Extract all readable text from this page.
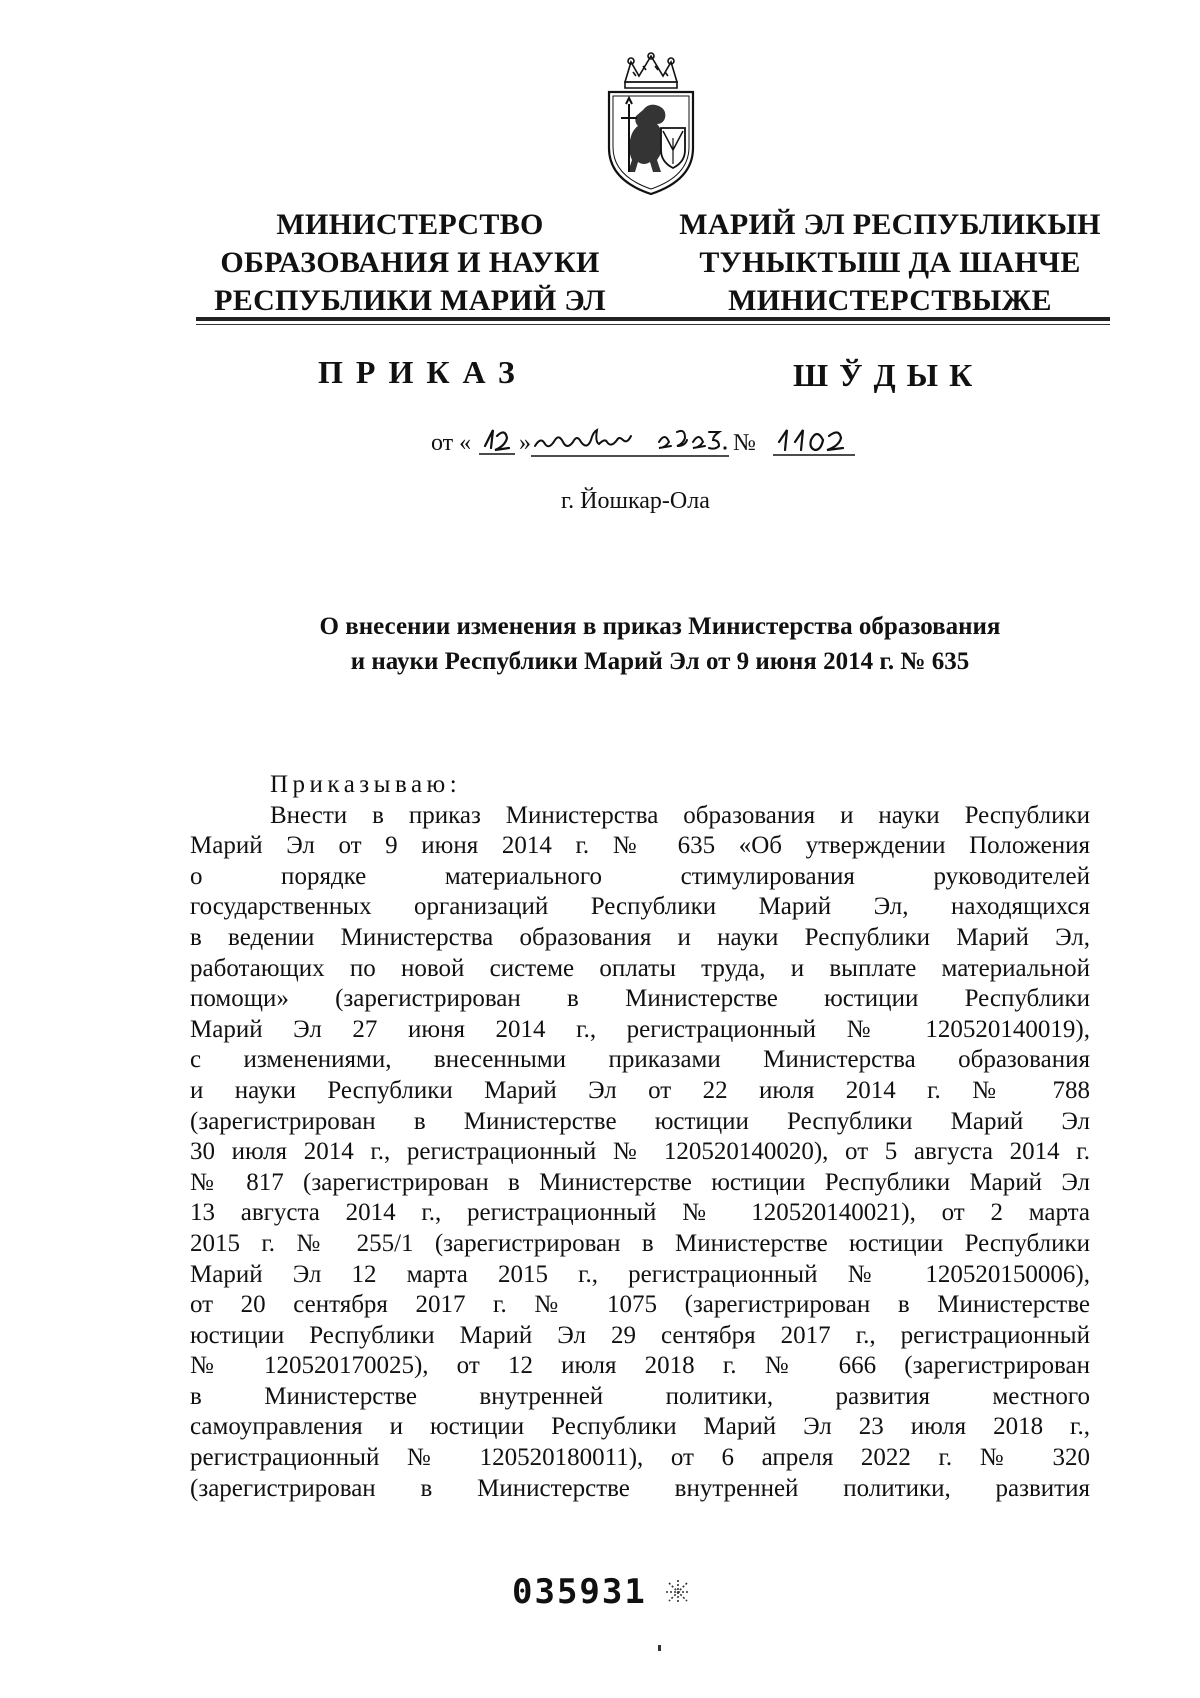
МИНИСТЕРСТВО
ОБРАЗОВАНИЯ И НАУКИ
РЕСПУБЛИКИ МАРИЙ ЭЛ
МАРИЙ ЭЛ РЕСПУБЛИКЫН
ТУНЫКТЫШ ДА ШАНЧЕ
МИНИСТЕРСТВЫЖЕ
ПРИКАЗ	ШЎДЫК
от « »	№
г. Йошкар-Ола
О внесении изменения в приказ Министерства образования
и науки Республики Марий Эл от 9 июня 2014 г. № 635
Приказываю:
Внести в приказ Министерства образования и науки Республики
Марий Эл от 9 июня 2014 г. № 635 «Об утверждении Положения
о порядке материального стимулирования руководителей
государственных организаций Республики Марий Эл, находящихся
в ведении Министерства образования и науки Республики Марий Эл,
работающих по новой системе оплаты труда, и выплате материальной
помощи» (зарегистрирован в Министерстве юстиции Республики
Марий Эл 27 июня 2014 г., регистрационный № 120520140019),
с изменениями, внесенными приказами Министерства образования
и науки Республики Марий Эл от 22 июля 2014 г. № 788
(зарегистрирован в Министерстве юстиции Республики Марий Эл
30 июля 2014 г., регистрационный № 120520140020), от 5 августа 2014 г.
№ 817 (зарегистрирован в Министерстве юстиции Республики Марий Эл
13 августа 2014 г., регистрационный № 120520140021), от 2 марта
2015 г. № 255/1 (зарегистрирован в Министерстве юстиции Республики
Марий Эл 12 марта 2015 г., регистрационный № 120520150006),
от 20 сентября 2017 г. № 1075 (зарегистрирован в Министерстве
юстиции Республики Марий Эл 29 сентября 2017 г., регистрационный
№ 120520170025), от 12 июля 2018 г. № 666 (зарегистрирован
в Министерстве внутренней политики, развития местного
самоуправления и юстиции Республики Марий Эл 23 июля 2018 г.,
регистрационный № 120520180011), от 6 апреля 2022 г. № 320
(зарегистрирован в Министерстве внутренней политики, развития
035931
